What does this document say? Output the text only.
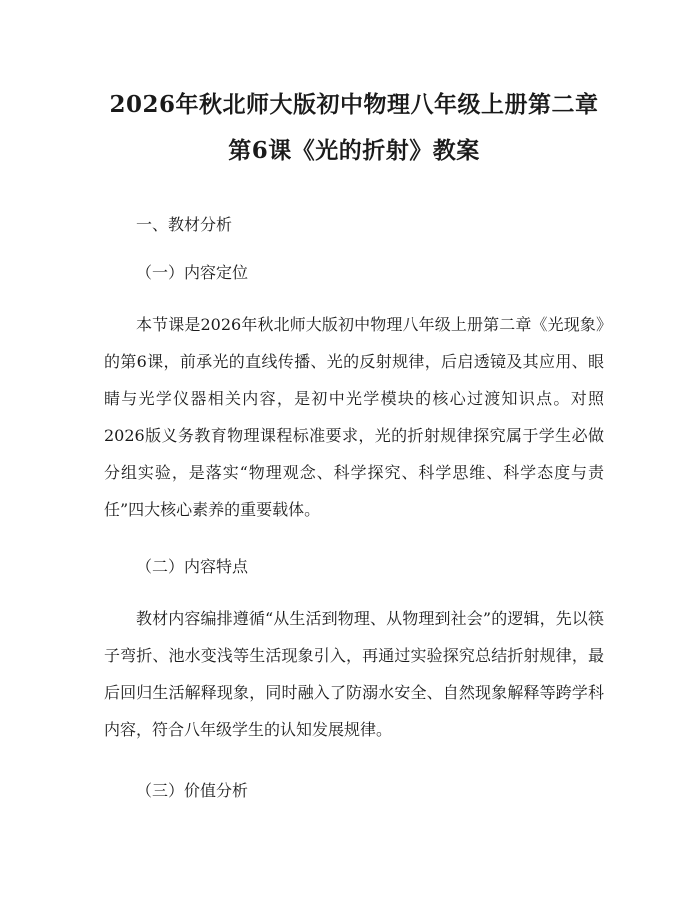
2026年秋北师大版初中物理八年级上册第二章第6课《光的折射》教案

一、教材分析

（一）内容定位

本节课是2026年秋北师大版初中物理八年级上册第二章《光现象》的第6课，前承光的直线传播、光的反射规律，后启透镜及其应用、眼睛与光学仪器相关内容，是初中光学模块的核心过渡知识点。对照2026版义务教育物理课程标准要求，光的折射规律探究属于学生必做分组实验，是落实“物理观念、科学探究、科学思维、科学态度与责任”四大核心素养的重要载体。

（二）内容特点

教材内容编排遵循“从生活到物理、从物理到社会”的逻辑，先以筷子弯折、池水变浅等生活现象引入，再通过实验探究总结折射规律，最后回归生活解释现象，同时融入了防溺水安全、自然现象解释等跨学科内容，符合八年级学生的认知发展规律。

（三）价值分析
